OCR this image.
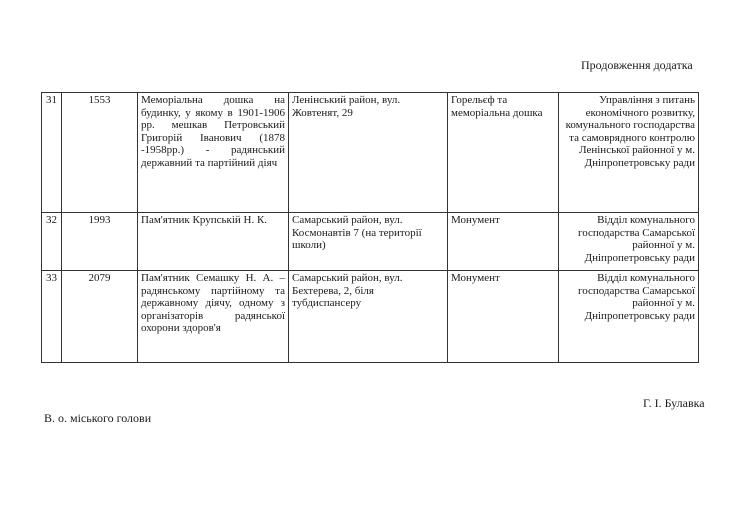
Продовження додатка
31	1553	Меморіальна дошка на будинку, у якому в 1901-1906 рр. мешкав Петровський Григорій Іванович (1878 -1958рр.) - радянський державний та партійний діяч	Ленінський район, вул. Жовтенят, 29	Горельєф та меморіальна дошка	Управління з питань економічного розвитку, комунального господарства та самоврядного контролю Ленінської районної у м. Дніпропетровську ради
32	1993	Пам'ятник Крупській Н. К.	Самарський район, вул. Космонавтів 7 (на території школи)	Монумент	Відділ комунального господарства Самарської районної у м. Дніпропетровську ради
33	2079	Пам'ятник Семашку Н. А. – радянському партійному та державному діячу, одному з організаторів радянської охорони здоров'я	Самарський район, вул. Бехтерева, 2, біля тубдиспансеру	Монумент	Відділ комунального господарства Самарської районної у м. Дніпропетровську ради
Г. І. Булавка
В. о. міського голови
